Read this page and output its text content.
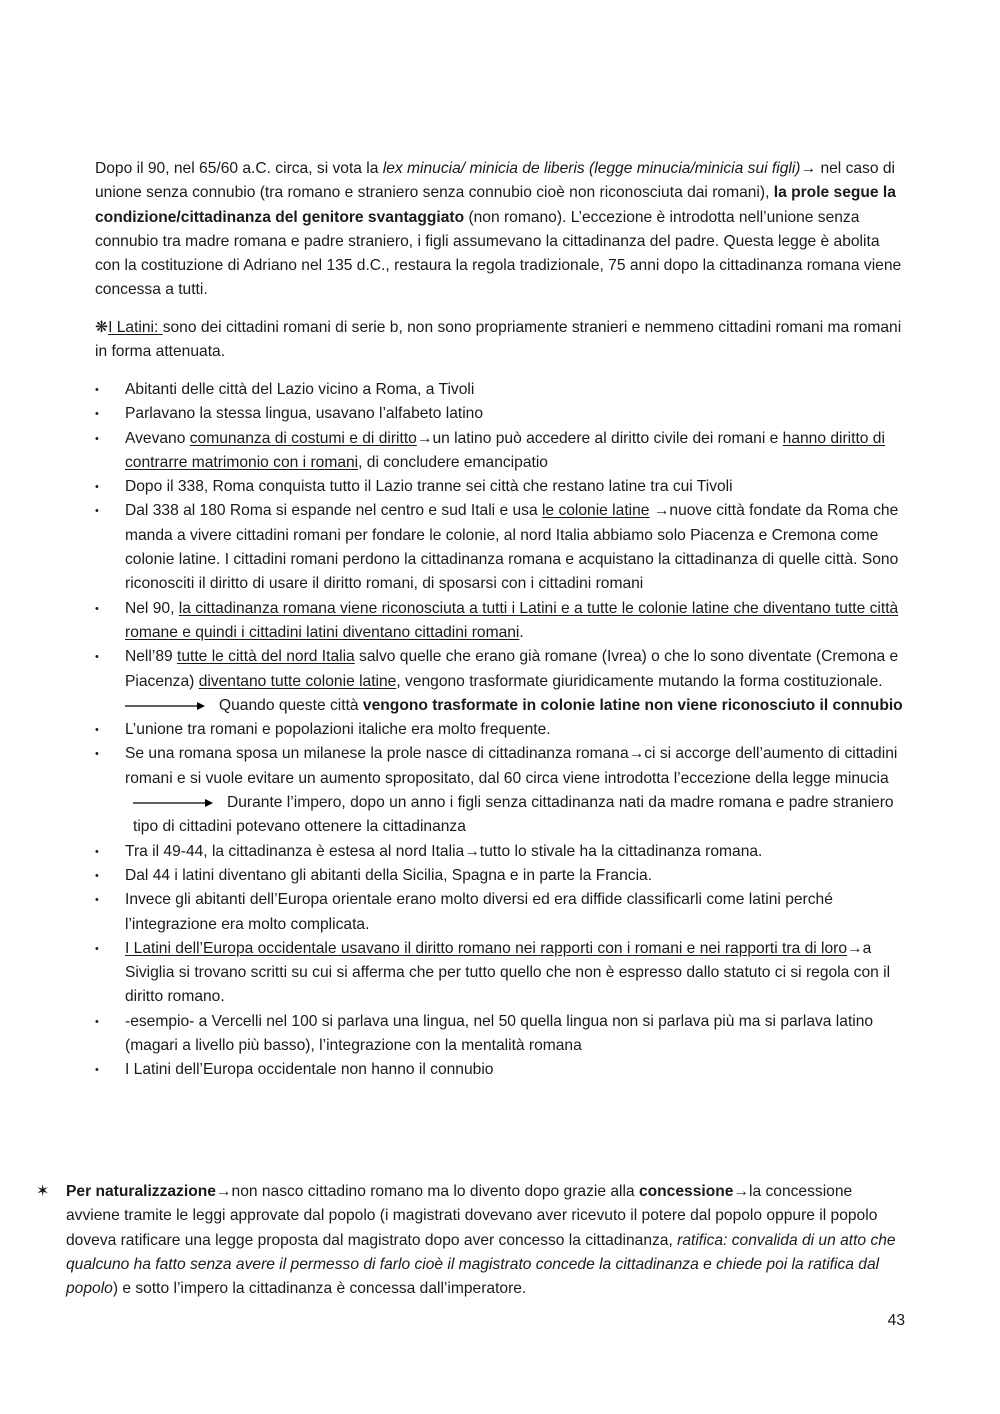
Dopo il 90, nel 65/60 a.C. circa, si vota la lex minucia/ minicia de liberis (legge minucia/minicia sui figli)→ nel caso di unione senza connubio (tra romano e straniero senza connubio cioè non riconosciuta dai romani), la prole segue la condizione/cittadinanza del genitore svantaggiato (non romano). L’eccezione è introdotta nell’unione senza connubio tra madre romana e padre straniero, i figli assumevano la cittadinanza del padre. Questa legge è abolita con la costituzione di Adriano nel 135 d.C., restaura la regola tradizionale, 75 anni dopo la cittadinanza romana viene concessa a tutti.

❋I Latini: sono dei cittadini romani di serie b, non sono propriamente stranieri e nemmeno cittadini romani ma romani in forma attenuata.

• Abitanti delle città del Lazio vicino a Roma, a Tivoli
• Parlavano la stessa lingua, usavano l’alfabeto latino
• Avevano comunanza di costumi e di diritto→un latino può accedere al diritto civile dei romani e hanno diritto di contrarre matrimonio con i romani, di concludere emancipatio
• Dopo il 338, Roma conquista tutto il Lazio tranne sei città che restano latine tra cui Tivoli
• Dal 338 al 180 Roma si espande nel centro e sud Itali e usa le colonie latine →nuove città fondate da Roma che manda a vivere cittadini romani per fondare le colonie, al nord Italia abbiamo solo Piacenza e Cremona come colonie latine. I cittadini romani perdono la cittadinanza romana e acquistano la cittadinanza di quelle città. Sono riconosciti il diritto di usare il diritto romani, di sposarsi con i cittadini romani
• Nel 90, la cittadinanza romana viene riconosciuta a tutti i Latini e a tutte le colonie latine che diventano tutte città romane e quindi i cittadini latini diventano cittadini romani.
• Nell’89 tutte le città del nord Italia salvo quelle che erano già romane (Ivrea) o che lo sono diventate (Cremona e Piacenza) diventano tutte colonie latine, vengono trasformate giuridicamente mutando la forma costituzionale.Quando queste città vengono trasformate in colonie latine non viene riconosciuto il connubio
• L’unione tra romani e popolazioni italiche era molto frequente.
• Se una romana sposa un milanese la prole nasce di cittadinanza romana→ci si accorge dell’aumento di cittadini romani e si vuole evitare un aumento spropositato, dal 60 circa viene introdotta l’eccezione della legge minucia
Durante l’impero, dopo un anno i figli senza cittadinanza nati da madre romana e padre straniero tipo di cittadini potevano ottenere la cittadinanza
• Tra il 49-44, la cittadinanza è estesa al nord Italia→tutto lo stivale ha la cittadinanza romana.
• Dal 44 i latini diventano gli abitanti della Sicilia, Spagna e in parte la Francia.
• Invece gli abitanti dell’Europa orientale erano molto diversi ed era diffide classificarli come latini perché l’integrazione era molto complicata.
• I Latini dell’Europa occidentale usavano il diritto romano nei rapporti con i romani e nei rapporti tra di loro→a Siviglia si trovano scritti su cui si afferma che per tutto quello che non è espresso dallo statuto ci si regola con il diritto romano.
• -esempio- a Vercelli nel 100 si parlava una lingua, nel 50 quella lingua non si parlava più ma si parlava latino (magari a livello più basso), l’integrazione con la mentalità romana
• I Latini dell’Europa occidentale non hanno il connubio

✶	Per naturalizzazione→non nasco cittadino romano ma lo divento dopo grazie alla concessione→la concessione avviene tramite le leggi approvate dal popolo (i magistrati dovevano aver ricevuto il potere dal popolo oppure il popolo doveva ratificare una legge proposta dal magistrato dopo aver concesso la cittadinanza, ratifica: convalida di un atto che qualcuno ha fatto senza avere il permesso di farlo cioè il magistrato concede la cittadinanza e chiede poi la ratifica dal popolo) e sotto l’impero la cittadinanza è concessa dall’imperatore.

43
